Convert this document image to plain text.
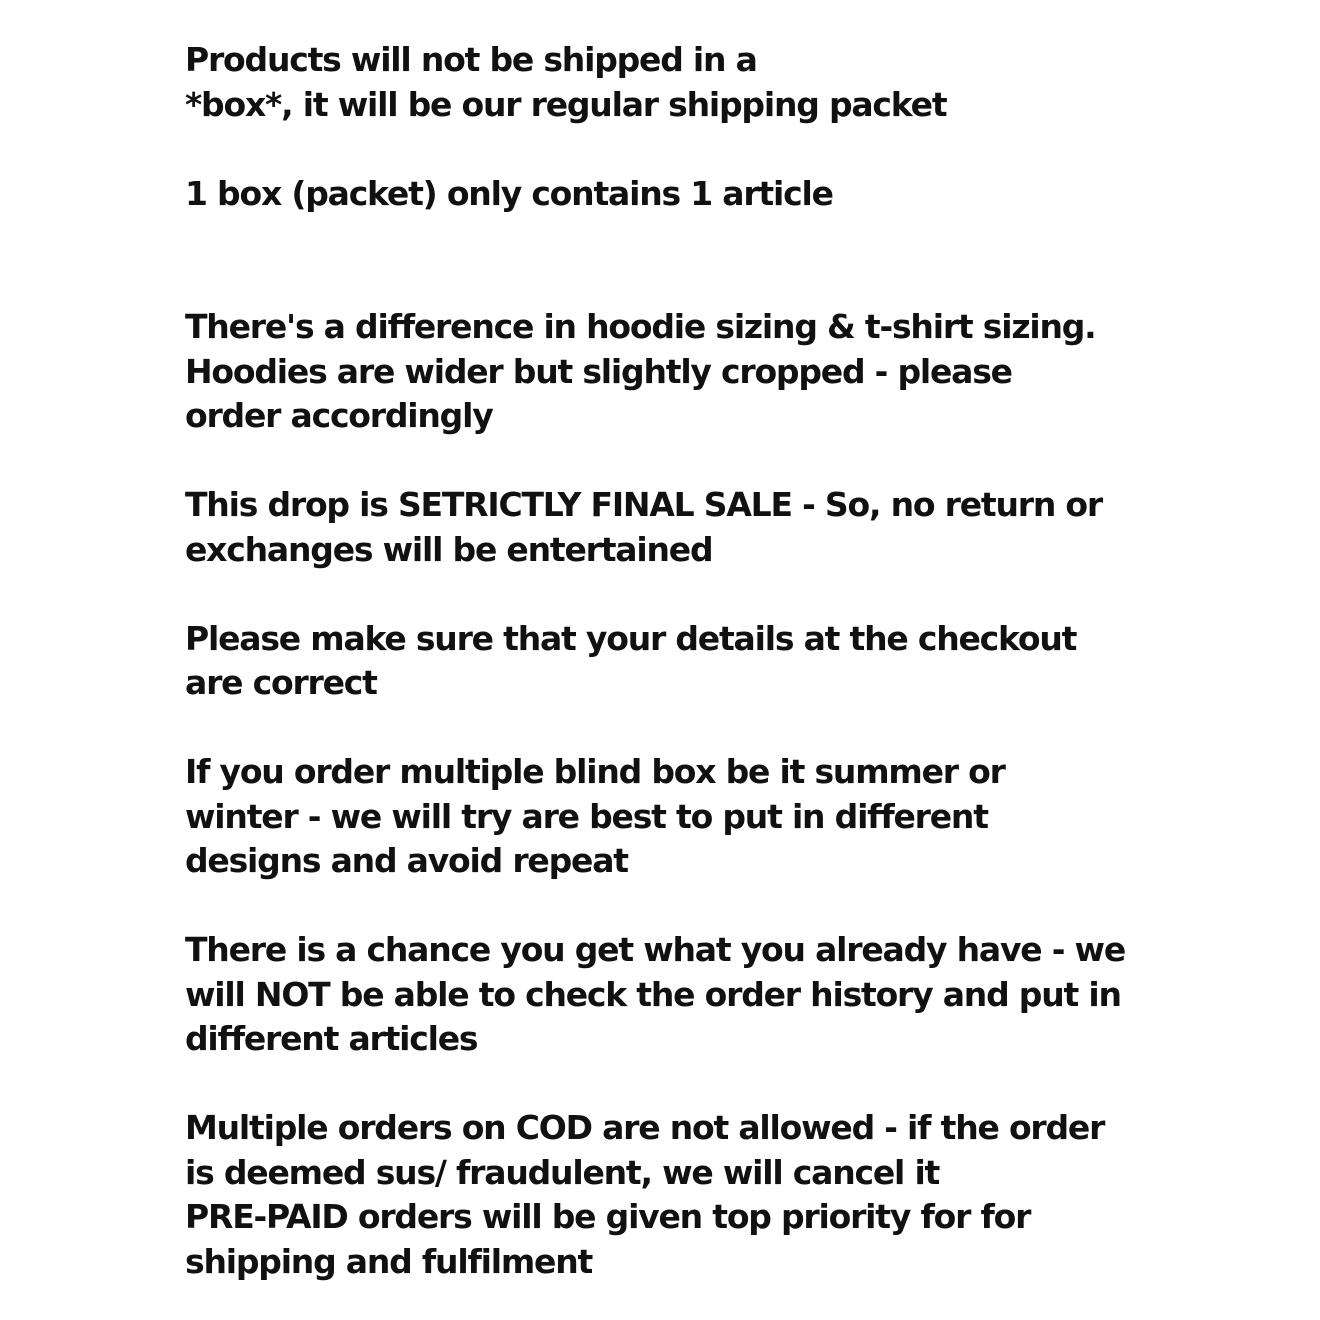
Products will not be shipped in a
*box*, it will be our regular shipping packet
1 box (packet) only contains 1 article
There's a difference in hoodie sizing & t-shirt sizing.
Hoodies are wider but slightly cropped - please
order accordingly
This drop is SETRICTLY FINAL SALE - So, no return or
exchanges will be entertained
Please make sure that your details at the checkout
are correct
If you order multiple blind box be it summer or
winter - we will try are best to put in different
designs and avoid repeat
There is a chance you get what you already have - we
will NOT be able to check the order history and put in
different articles
Multiple orders on COD are not allowed - if the order
is deemed sus/ fraudulent, we will cancel it
PRE-PAID orders will be given top priority for for
shipping and fulfilment
